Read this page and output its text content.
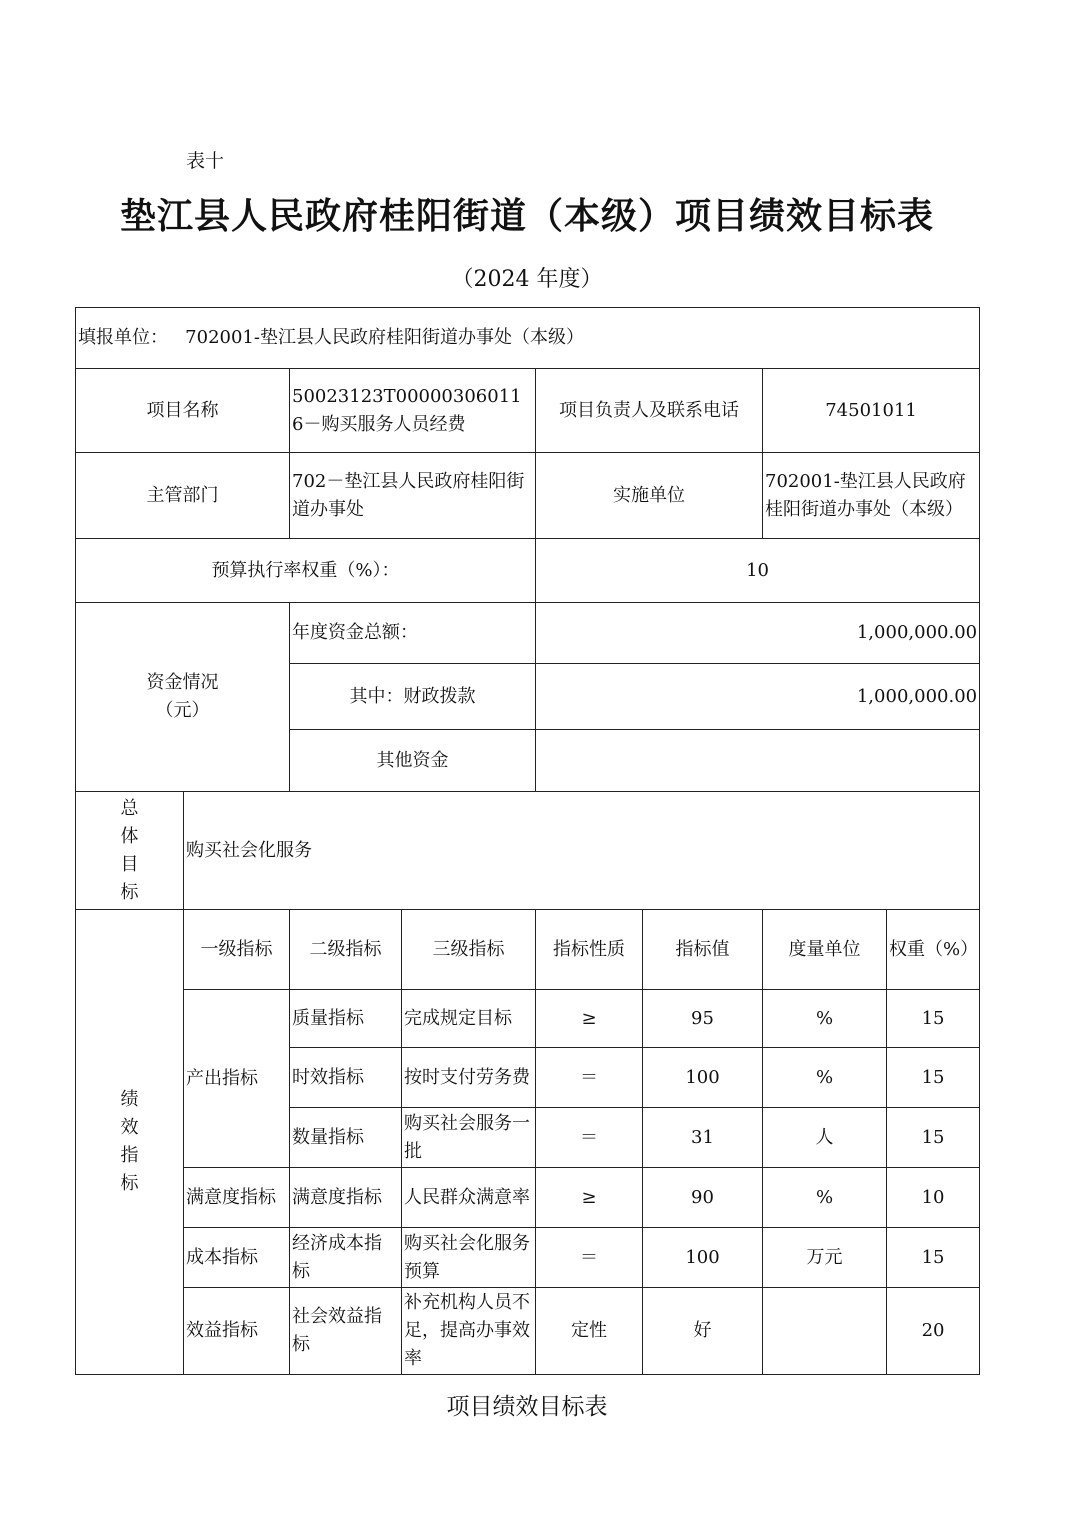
表十
垫江县人民政府桂阳街道（本级）项目绩效目标表
（2024 年度）
填报单位： 702001-垫江县人民政府桂阳街道办事处（本级）							
项目名称		50023123T000003060116－购买服务人员经费		项目负责人及联系电话		74501011	
主管部门		702－垫江县人民政府桂阳街道办事处		实施单位		702001-垫江县人民政府桂阳街道办事处（本级）	
预算执行率权重（%）：				10			

资金情况
（元）		年度资金总额：		1,000,000.00			
		其中：财政拨款		1,000,000.00			
		其他资金					

总
体
目
标	购买社会化服务						

绩
效
指
标	一级指标	二级指标	三级指标	指标性质	指标值	度量单位	权重（%）
	产出指标	质量指标	完成规定目标	≥	95	%	15
		时效指标	按时支付劳务费	＝	100	%	15
		数量指标	购买社会服务一批	＝	31	人	15
	满意度指标	满意度指标	人民群众满意率	≥	90	%	10
	成本指标	经济成本指标	购买社会化服务预算	＝	100	万元	15
	效益指标	社会效益指标	补充机构人员不足，提高办事效率	定性	好		20
项目绩效目标表
